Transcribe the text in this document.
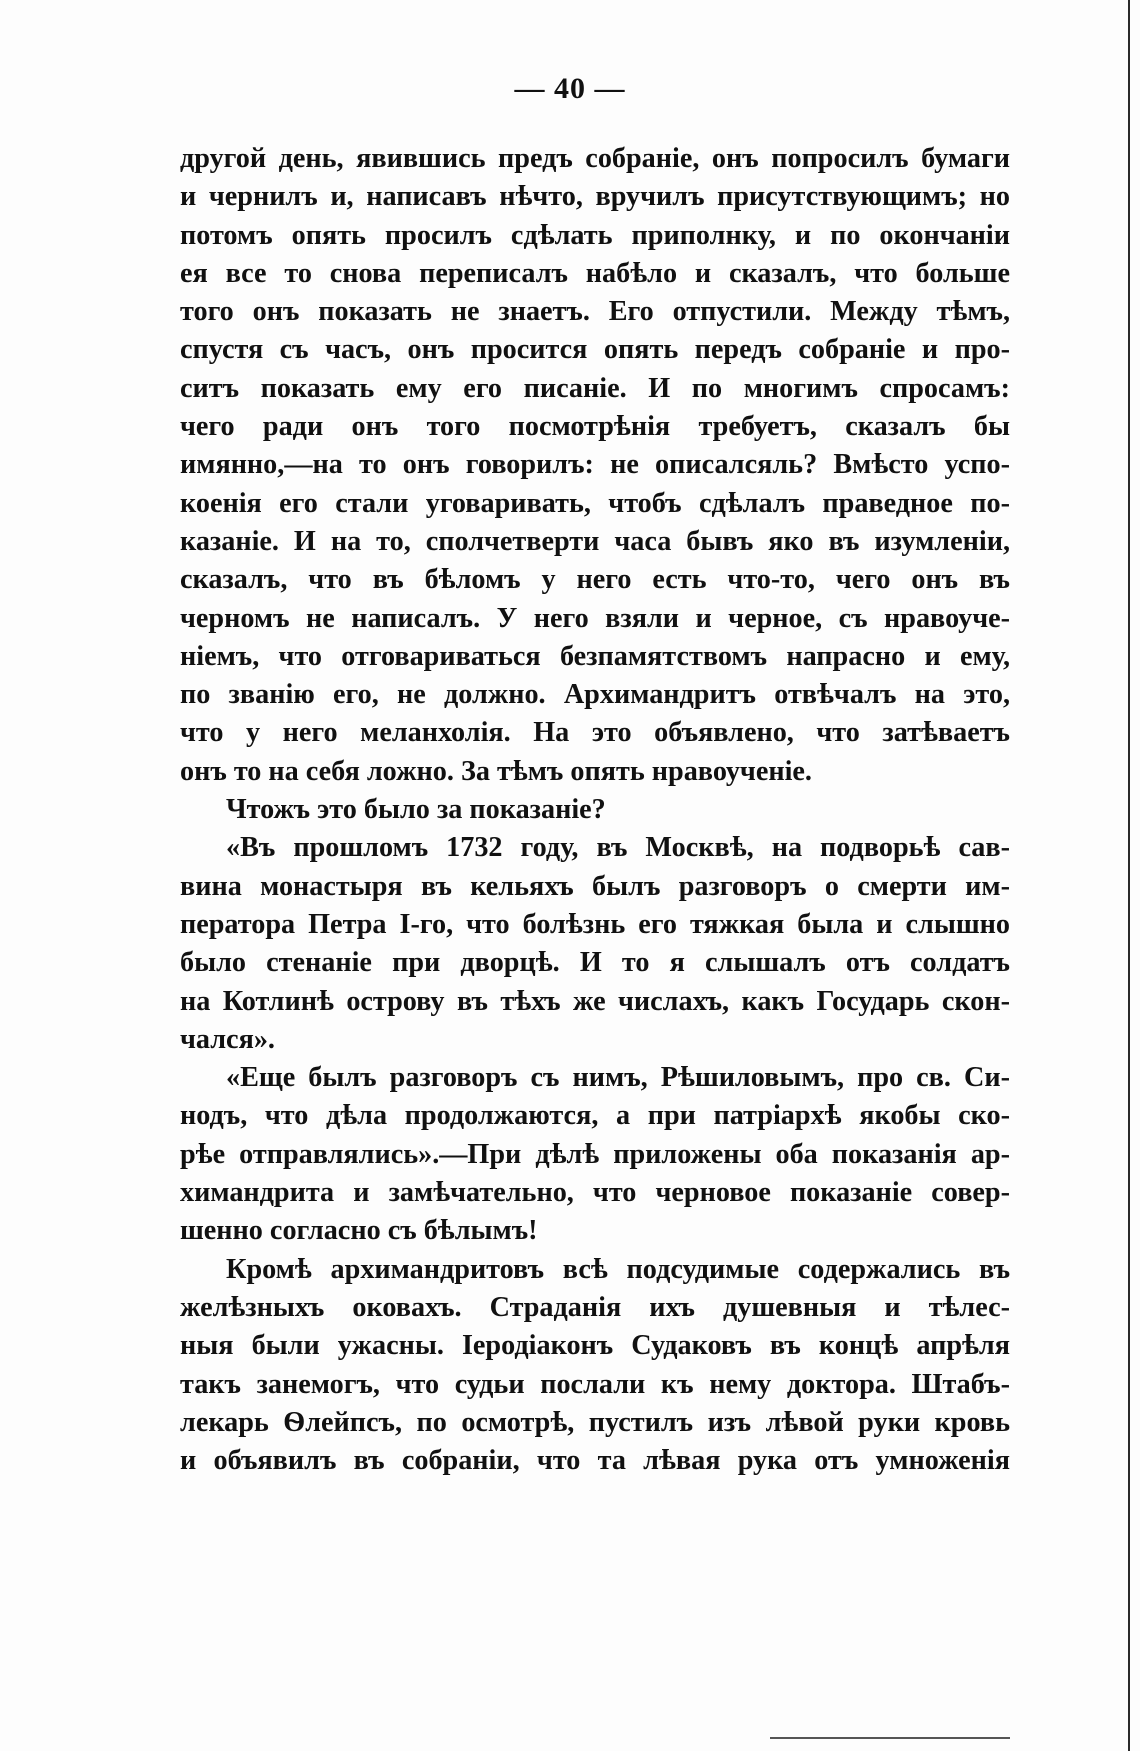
— 40 —
другой день, явившись предъ собраніе, онъ попросилъ бумаги
и чернилъ и, написавъ нѣчто, вручилъ присутствующимъ; но
потомъ опять просилъ сдѣлать приполнку, и по окончаніи
ея все то снова переписалъ набѣло и сказалъ, что больше
того онъ показать не знаетъ. Его отпустили. Между тѣмъ,
спустя съ часъ, онъ просится опять передъ собраніе и про-
ситъ показать ему его писаніе. И по многимъ спросамъ:
чего ради онъ того посмотрѣнія требуетъ, сказалъ бы
имянно,—на то онъ говорилъ: не описалсяль? Вмѣсто успо-
коенія его стали уговаривать, чтобъ сдѣлалъ праведное по-
казаніе. И на то, сполчетверти часа бывъ яко въ изумленіи,
сказалъ, что въ бѣломъ у него есть что-то, чего онъ въ
черномъ не написалъ. У него взяли и черное, съ нравоуче-
ніемъ, что отговариваться безпамятствомъ напрасно и ему,
по званію его, не должно. Архимандритъ отвѣчалъ на это,
что у него меланхолія. На это объявлено, что затѣваетъ
онъ то на себя ложно. За тѣмъ опять нравоученіе.
Чтожъ это было за показаніе?
«Въ прошломъ 1732 году, въ Москвѣ, на подворьѣ сав-
вина монастыря въ кельяхъ былъ разговоръ о смерти им-
ператора Петра I-го, что болѣзнь его тяжкая была и слышно
было стенаніе при дворцѣ. И то я слышалъ отъ солдатъ
на Котлинѣ острову въ тѣхъ же числахъ, какъ Государь скон-
чался».
«Еще былъ разговоръ съ нимъ, Рѣшиловымъ, про св. Си-
нодъ, что дѣла продолжаются, а при патріархѣ якобы ско-
рѣе отправлялись».—При дѣлѣ приложены оба показанія ар-
химандрита и замѣчательно, что черновое показаніе совер-
шенно согласно съ бѣлымъ!
Кромѣ архимандритовъ всѣ подсудимые содержались въ
желѣзныхъ оковахъ. Страданія ихъ душевныя и тѣлес-
ныя были ужасны. Іеродіаконъ Судаковъ въ концѣ апрѣля
такъ занемогъ, что судьи послали къ нему доктора. Штабъ-
лекарь Ѳлейпсъ, по осмотрѣ, пустилъ изъ лѣвой руки кровь
и объявилъ въ собраніи, что та лѣвая рука отъ умноженія
